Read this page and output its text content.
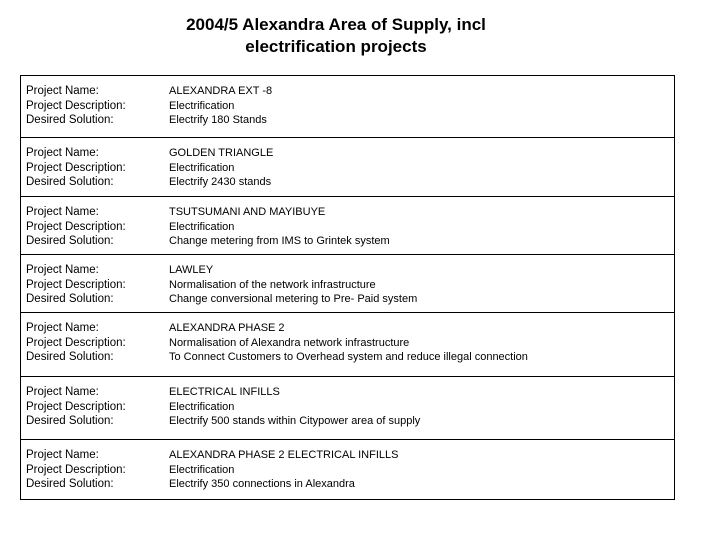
2004/5 Alexandra Area of Supply, incl
electrification projects
Project Name:
Project Description:
Desired Solution:
ALEXANDRA EXT -8
Electrification
Electrify 180 Stands
Project Name:
Project Description:
Desired Solution:
GOLDEN TRIANGLE
Electrification
Electrify 2430 stands
Project Name:
Project Description:
Desired Solution:
TSUTSUMANI AND MAYIBUYE
Electrification
Change metering from IMS to Grintek system
Project Name:
Project Description:
Desired Solution:
LAWLEY
Normalisation of the network infrastructure
Change conversional metering to Pre- Paid system
Project Name:
Project Description:
Desired Solution:
ALEXANDRA PHASE 2
Normalisation of Alexandra network infrastructure
To Connect Customers to Overhead system and reduce illegal connection
Project Name:
Project Description:
Desired Solution:
ELECTRICAL INFILLS
Electrification
Electrify 500 stands within Citypower area of supply
Project Name:
Project Description:
Desired Solution:
ALEXANDRA PHASE 2 ELECTRICAL INFILLS
Electrification
Electrify 350 connections in Alexandra
